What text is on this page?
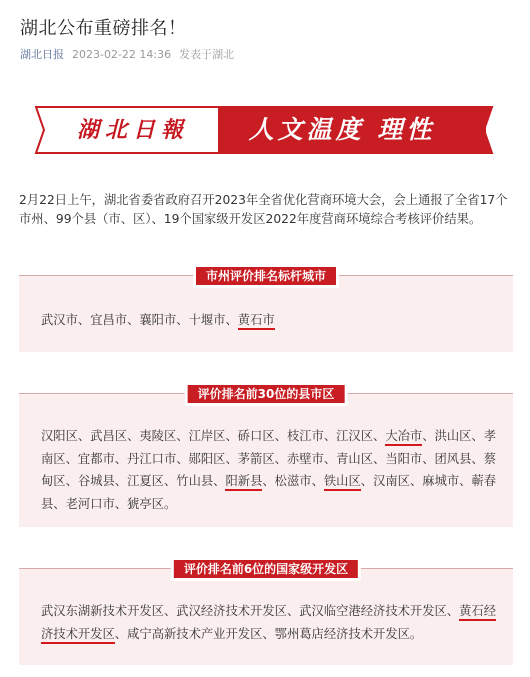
湖北公布重磅排名！
湖北日报 2023-02-22 14:36 发表于湖北
湖北日報	人文温度 理性
2月22日上午，湖北省委省政府召开2023年全省优化营商环境大会，会上通报了全省17个市州、99个县（市、区）、19个国家级开发区2022年度营商环境综合考核评价结果。
市州评价排名标杆城市
武汉市、宜昌市、襄阳市、十堰市、黄石市
评价排名前30位的县市区
汉阳区、武昌区、夷陵区、江岸区、硚口区、枝江市、江汉区、大冶市、洪山区、孝南区、宜都市、丹江口市、郧阳区、茅箭区、赤壁市、青山区、当阳市、团风县、蔡甸区、谷城县、江夏区、竹山县、阳新县、松滋市、铁山区、汉南区、麻城市、蕲春县、老河口市、猇亭区。
评价排名前6位的国家级开发区
武汉东湖新技术开发区、武汉经济技术开发区、武汉临空港经济技术开发区、黄石经济技术开发区、咸宁高新技术产业开发区、鄂州葛店经济技术开发区。
